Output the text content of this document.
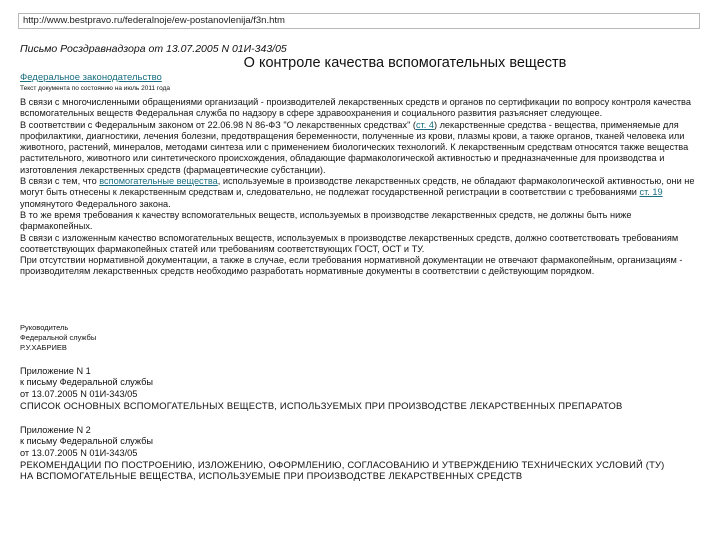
http://www.bestpravo.ru/federalnoje/ew-postanovlenija/f3n.htm
Письмо Росздравнадзора от 13.07.2005 N 01И-343/05
О контроле качества вспомогательных веществ
Федеральное законодательство
Текст документа по состоянию на июль 2011 года

В связи с многочисленными обращениями организаций - производителей лекарственных средств и органов по сертификации по вопросу контроля качества вспомогательных веществ Федеральная служба по надзору в сфере здравоохранения и социального развития разъясняет следующее.

В соответствии с Федеральным законом от 22.06.98 N 86-ФЗ "О лекарственных средствах" (ст. 4) лекарственные средства - вещества, применяемые для профилактики, диагностики, лечения болезни, предотвращения беременности, полученные из крови, плазмы крови, а также органов, тканей человека или животного, растений, минералов, методами синтеза или с применением биологических технологий. К лекарственным средствам относятся также вещества растительного, животного или синтетического происхождения, обладающие фармакологической активностью и предназначенные для производства и изготовления лекарственных средств (фармацевтические субстанции).

В связи с тем, что вспомогательные вещества, используемые в производстве лекарственных средств, не обладают фармакологической активностью, они не могут быть отнесены к лекарственным средствам и, следовательно, не подлежат государственной регистрации в соответствии с требованиями ст. 19 упомянутого Федерального закона.

В то же время требования к качеству вспомогательных веществ, используемых в производстве лекарственных средств, не должны быть ниже фармакопейных.

В связи с изложенным качество вспомогательных веществ, используемых в производстве лекарственных средств, должно соответствовать требованиям соответствующих фармакопейных статей или требованиям соответствующих ГОСТ, ОСТ и ТУ.

При отсутствии нормативной документации, а также в случае, если требования нормативной документации не отвечают фармакопейным, организациям - производителям лекарственных средств необходимо разработать нормативные документы в соответствии с действующим порядком.

Руководитель
Федеральной службы
Р.У.ХАБРИЕВ
Приложение N 1
к письму Федеральной службы
от 13.07.2005 N 01И-343/05
СПИСОК ОСНОВНЫХ ВСПОМОГАТЕЛЬНЫХ ВЕЩЕСТВ, ИСПОЛЬЗУЕМЫХ ПРИ ПРОИЗВОДСТВЕ ЛЕКАРСТВЕННЫХ ПРЕПАРАТОВ
Приложение N 2
к письму Федеральной службы
от 13.07.2005 N 01И-343/05
РЕКОМЕНДАЦИИ ПО ПОСТРОЕНИЮ, ИЗЛОЖЕНИЮ, ОФОРМЛЕНИЮ, СОГЛАСОВАНИЮ И УТВЕРЖДЕНИЮ ТЕХНИЧЕСКИХ УСЛОВИЙ (ТУ)
НА ВСПОМОГАТЕЛЬНЫЕ ВЕЩЕСТВА, ИСПОЛЬЗУЕМЫЕ ПРИ ПРОИЗВОДСТВЕ ЛЕКАРСТВЕННЫХ СРЕДСТВ
